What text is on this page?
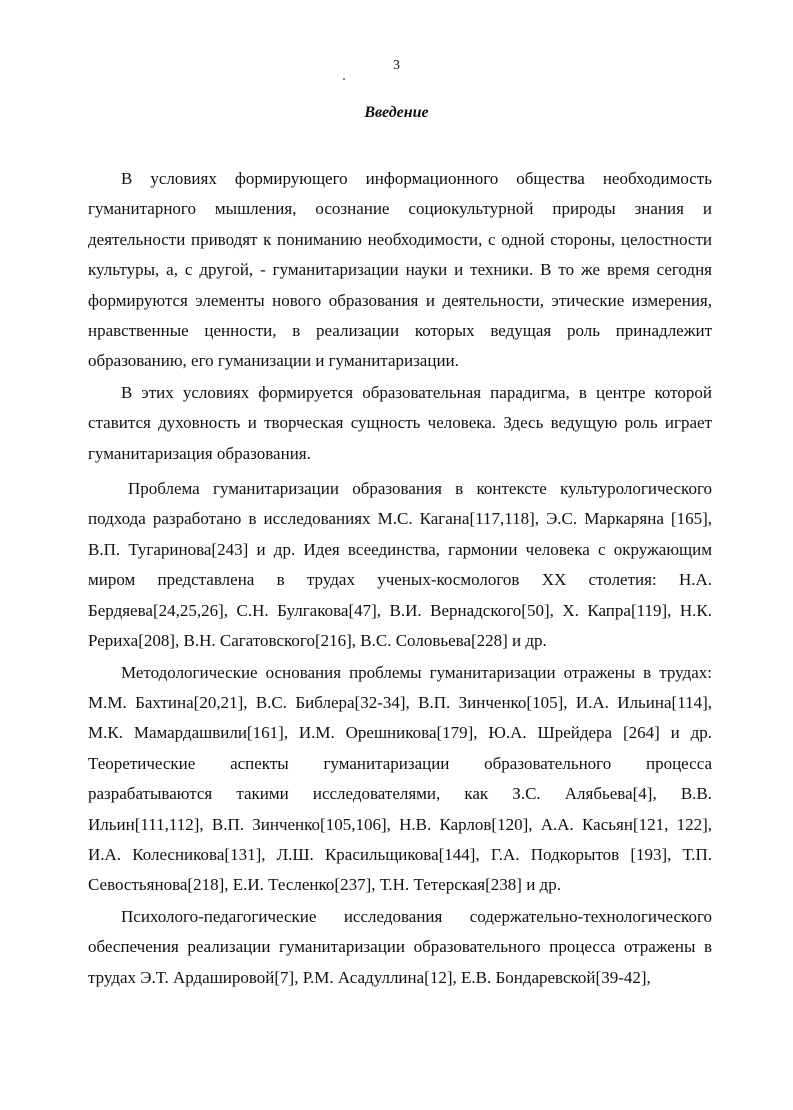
3
Введение

В условиях формирующего информационного общества необходимость гуманитарного мышления, осознание социокультурной природы знания и деятельности приводят к пониманию необходимости, с одной стороны, целостности культуры, а, с другой, - гуманитаризации науки и техники. В то же время сегодня формируются элементы нового образования и деятельности, этические измерения, нравственные ценности, в реализации которых ведущая роль принадлежит образованию, его гуманизации и гуманитаризации.

В этих условиях формируется образовательная парадигма, в центре которой ставится духовность и творческая сущность человека. Здесь ведущую роль играет гуманитаризация образования.

Проблема гуманитаризации образования в контексте культурологического подхода разработано в исследованиях М.С. Кагана[117,118], Э.С. Маркаряна [165], В.П. Тугаринова[243] и др. Идея всеединства, гармонии человека с окружающим миром представлена в трудах ученых-космологов XX столетия: Н.А. Бердяева[24,25,26], С.Н. Булгакова[47], В.И. Вернадского[50], Х. Капра[119], Н.К. Рериха[208], В.Н. Сагатовского[216], В.С. Соловьева[228] и др.

Методологические основания проблемы гуманитаризации отражены в трудах: М.М. Бахтина[20,21], В.С. Библера[32-34], В.П. Зинченко[105], И.А. Ильина[114], М.К. Мамардашвили[161], И.М. Орешникова[179], Ю.А. Шрейдера [264] и др. Теоретические аспекты гуманитаризации образовательного процесса разрабатываются такими исследователями, как З.С. Алябьева[4], В.В. Ильин[111,112], В.П. Зинченко[105,106], Н.В. Карлов[120], А.А. Касьян[121, 122], И.А. Колесникова[131], Л.Ш. Красильщикова[144], Г.А. Подкорытов [193], Т.П. Севостьянова[218], Е.И. Тесленко[237], Т.Н. Тетерская[238] и др.

Психолого-педагогические исследования содержательно-технологического обеспечения реализации гуманитаризации образовательного процесса отражены в трудах Э.Т. Ардашировой[7], Р.М. Асадуллина[12], Е.В. Бондаревской[39-42],
